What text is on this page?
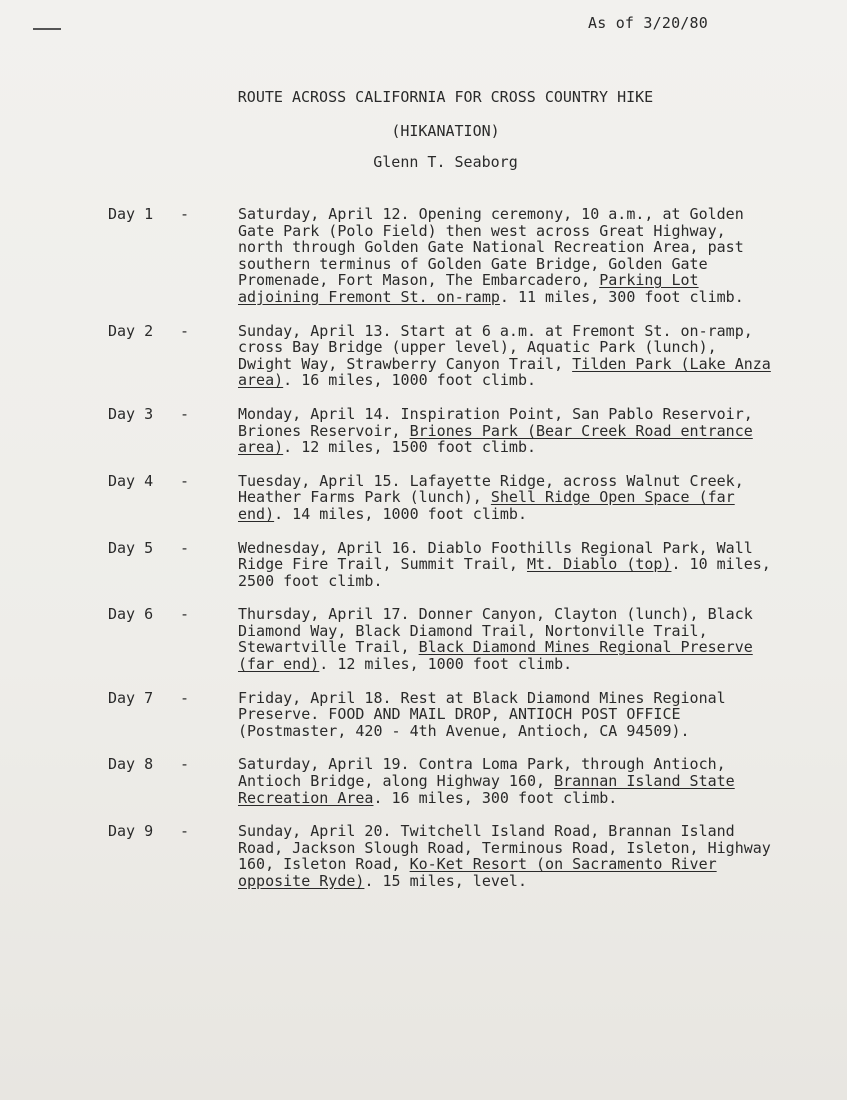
As of 3/20/80
ROUTE ACROSS CALIFORNIA FOR CROSS COUNTRY HIKE
(HIKANATION)
Glenn T. Seaborg
Day 1	-	Saturday, April 12. Opening ceremony, 10 a.m., at Golden Gate Park (Polo Field) then west across Great Highway, north through Golden Gate National Recreation Area, past southern terminus of Golden Gate Bridge, Golden Gate Promenade, Fort Mason, The Embarcadero, Parking Lot adjoining Fremont St. on-ramp. 11 miles, 300 foot climb.
Day 2	-	Sunday, April 13. Start at 6 a.m. at Fremont St. on-ramp, cross Bay Bridge (upper level), Aquatic Park (lunch), Dwight Way, Strawberry Canyon Trail, Tilden Park (Lake Anza area). 16 miles, 1000 foot climb.
Day 3	-	Monday, April 14. Inspiration Point, San Pablo Reservoir, Briones Reservoir, Briones Park (Bear Creek Road entrance area). 12 miles, 1500 foot climb.
Day 4	-	Tuesday, April 15. Lafayette Ridge, across Walnut Creek, Heather Farms Park (lunch), Shell Ridge Open Space (far end). 14 miles, 1000 foot climb.
Day 5	-	Wednesday, April 16. Diablo Foothills Regional Park, Wall Ridge Fire Trail, Summit Trail, Mt. Diablo (top). 10 miles, 2500 foot climb.
Day 6	-	Thursday, April 17. Donner Canyon, Clayton (lunch), Black Diamond Way, Black Diamond Trail, Nortonville Trail, Stewartville Trail, Black Diamond Mines Regional Preserve (far end). 12 miles, 1000 foot climb.
Day 7	-	Friday, April 18. Rest at Black Diamond Mines Regional Preserve. FOOD AND MAIL DROP, ANTIOCH POST OFFICE (Postmaster, 420 - 4th Avenue, Antioch, CA 94509).
Day 8	-	Saturday, April 19. Contra Loma Park, through Antioch, Antioch Bridge, along Highway 160, Brannan Island State Recreation Area. 16 miles, 300 foot climb.
Day 9	-	Sunday, April 20. Twitchell Island Road, Brannan Island Road, Jackson Slough Road, Terminous Road, Isleton, Highway 160, Isleton Road, Ko-Ket Resort (on Sacramento River opposite Ryde). 15 miles, level.
